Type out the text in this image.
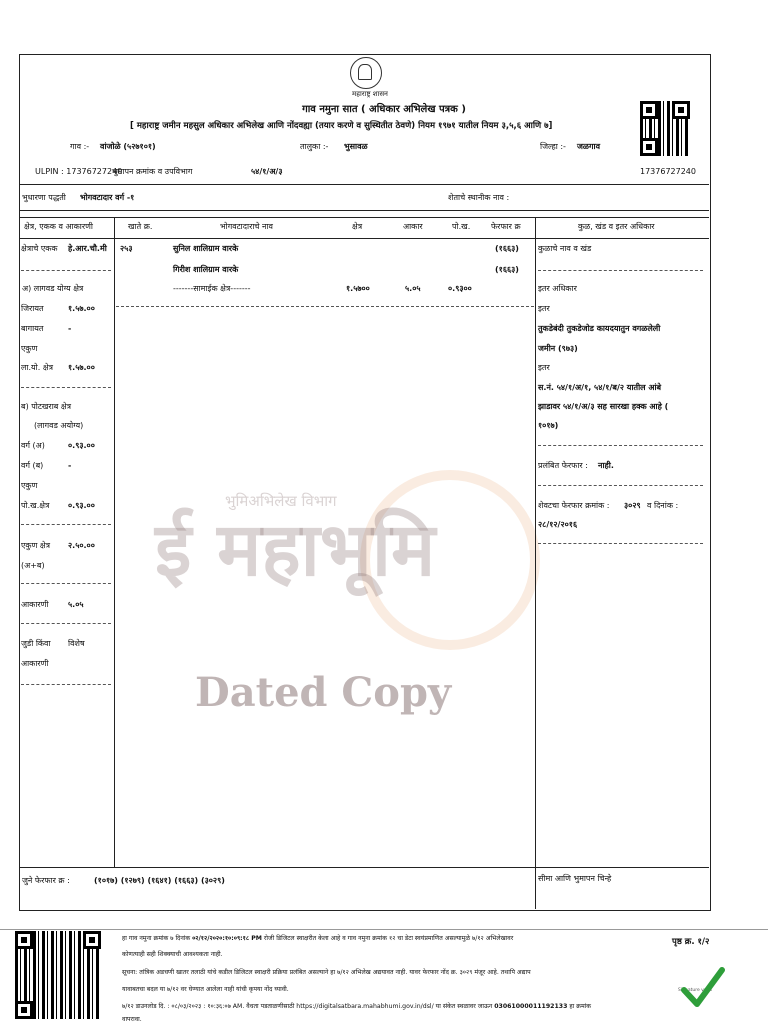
भुमिअभिलेख विभाग
ई महाभूमि
Dated Copy
महाराष्ट्र शासन
गाव नमुना सात ( अधिकार अभिलेख पत्रक )
[ महाराष्ट्र जमीन महसुल अधिकार अभिलेख आणि नोंदवह्या (तयार करणे व सुस्थितीत ठेवणे) नियम १९७१ यातील नियम ३,५,६ आणि ७]
गाव :- वांजोळे (५२७१०१)	तालुका :- भुसावळ	जिल्हा :- जळगाव
ULPIN : 17376727240
भुमापन क्रमांक व उपविभाग	५४/१/अ/३	17376727240
भुधारणा पद्धती भोगवटादार वर्ग -१	शेताचे स्थानीक नाव :
क्षेत्र, एकक व आकारणी	खाते क्र.	भोगवटादाराचे नाव	क्षेत्र	आकार	पो.ख.	फेरफार क्र	कुळ, खंड व इतर अधिकार
क्षेत्राचे एकक हे.आर.चौ.मी
अ) लागवड योग्य क्षेत्र
जिरायत	१.५७.००
बागायत	-
एकुण
ला.यो. क्षेत्र १.५७.००
ब) पोटखराब क्षेत्र
(लागवड अयोग्य)
वर्ग (अ)	०.९३.००
वर्ग (ब)	-
एकुण
पो.ख.क्षेत्र ०.९३.००
एकुण क्षेत्र २.५०.००
(अ+ब)
आकारणी ५.०५
जुडी किंवा विशेष
आकारणी
२५३	सुनिल शालिग्राम वारके	(१६६३)
गिरीश शालिग्राम वारके	(१६६३)
-------सामाईक क्षेत्र-------	१.५७००	५.०५	०.९३००
कुळाचे नाव व खंड
इतर अधिकार
इतर
तुकडेबंदी तुकडेजोड कायदयातुन वगळलेली
जमीन (९७३)
इतर
स.नं. ५४/१/अ/१, ५४/१/ब/२ यातील आंबे
झाडावर ५४/१/अ/३ सह सारखा हक्क आहे (
१०१७)
प्रलंबित फेरफार : नाही.
शेवटचा फेरफार क्रमांक : ३०२९ व दिनांक :
२८/१२/२०१६
जुने फेरफार क्र :	(१०१७) (१२७९) (१६४१) (१६६३) (३०२९)	सीमा आणि भुमापन चिन्हे
हा गाव नमुना क्रमांक ७ दिनांक ०२/१२/२०२०:१०:०९:१८ PM रोजी डिजिटल स्वाक्षरीत केला आहे व गाव नमुना क्रमांक १२ चा डेटा स्वयंप्रमाणित असल्यामुळे ७/१२ अभिलेखावर
कोणत्याही सही शिक्क्याची आवश्यकता नाही.
सूचना: तांत्रिक अडचणी खातर तलाठी यांचे कडील डिजिटल स्वाक्षरी प्रक्रिया प्रलंबित असल्याने हा ७/१२ अभिलेख अद्ययावत नाही. यावर फेरफार नोंद क्र. ३०२९ मंजूर आहे. तथापि अद्याप
यावाबतचा बदल या ७/१२ वर घेण्यात आलेला नाही यांची कृपया नोंद घ्यावी.
७/१२ डाउनलोड दि. : ०८/०३/२०२३ : १०:३६:०७ AM. वैधता पडताळणीसाठी https://digitalsatbara.mahabhumi.gov.in/dsl/ या संकेत स्थळावर जाऊन 03061000011192133 हा क्रमांक
वापरावा.
पृष्ठ क्र. १/२
Signature valid
